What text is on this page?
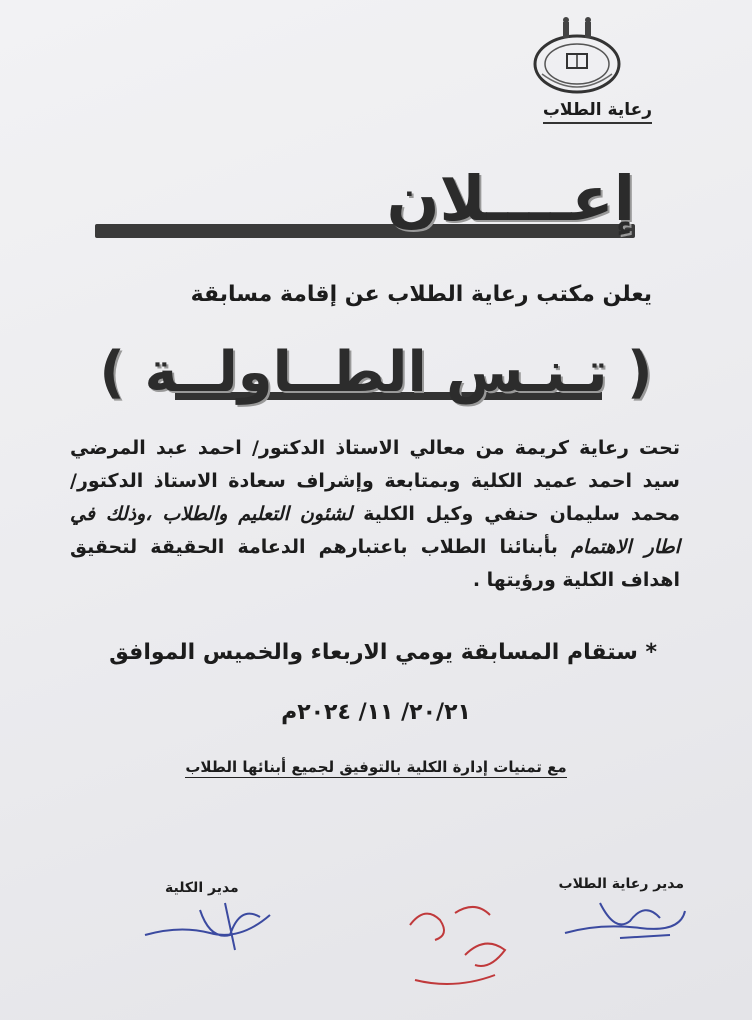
رعاية الطلاب
إعــــلان
يعلن مكتب رعاية الطلاب عن إقامة مسابقة
( تـنـس الطــاولــة )
تحت رعاية كريمة من معالي الاستاذ الدكتور/ احمد عبد المرضي سيد احمد عميد الكلية وبمتابعة وإشراف سعادة الاستاذ الدكتور/ محمد سليمان حنفي وكيل الكلية لشئون التعليم والطلاب ،وذلك في اطار الاهتمام بأبنائنا الطلاب باعتبارهم الدعامة الحقيقة لتحقيق اهداف الكلية ورؤيتها .
* ستقام المسابقة يومي الاربعاء والخميس الموافق
٢٠/٢١/ ١١/ ٢٠٢٤م
مع تمنيات إدارة الكلية بالتوفيق لجميع أبنائها الطلاب
مدير الكلية	مدير رعاية الطلاب
